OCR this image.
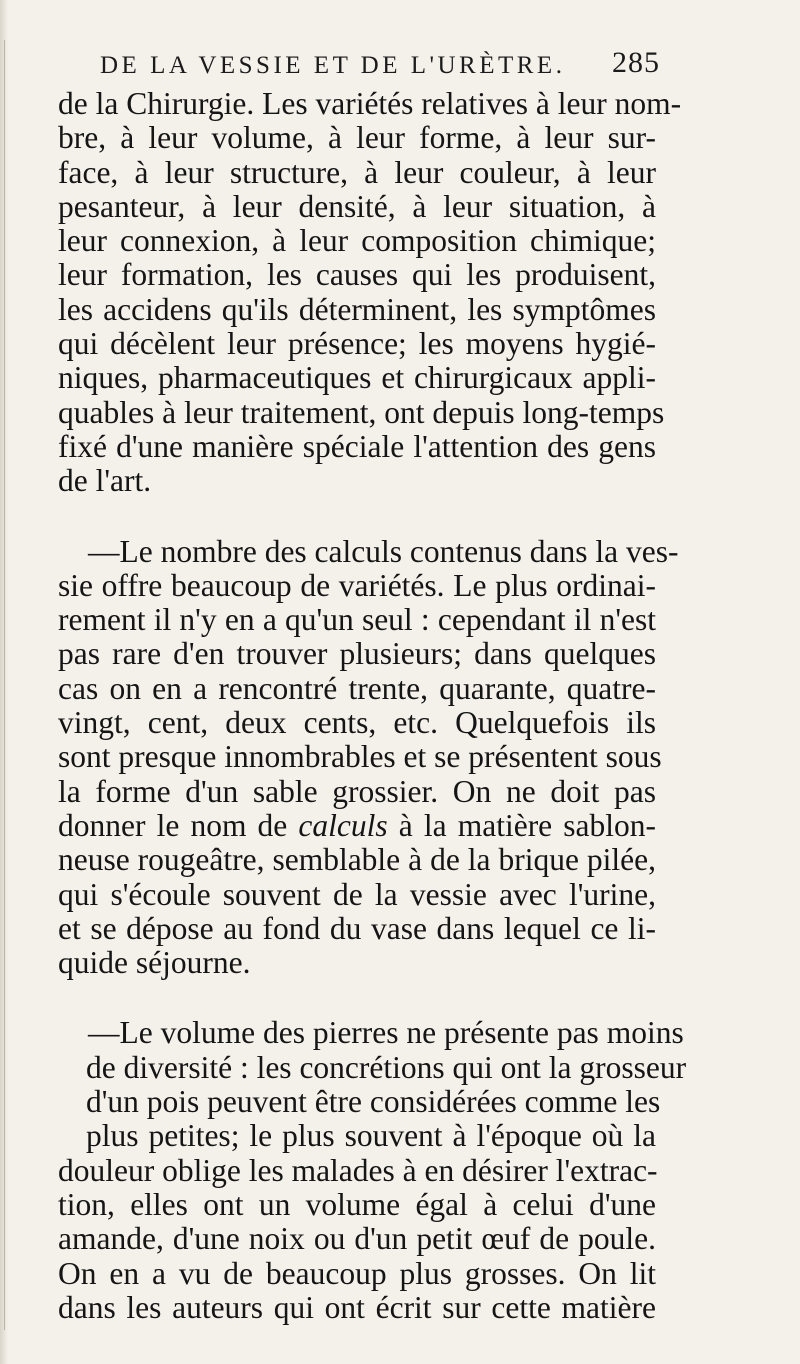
DE LA VESSIE ET DE L'URÈTRE. 285
de la Chirurgie. Les variétés relatives à leur nom-
bre, à leur volume, à leur forme, à leur sur-
face, à leur structure, à leur couleur, à leur
pesanteur, à leur densité, à leur situation, à
leur connexion, à leur composition chimique;
leur formation, les causes qui les produisent,
les accidens qu'ils déterminent, les symptômes
qui décèlent leur présence; les moyens hygié-
niques, pharmaceutiques et chirurgicaux appli-
quables à leur traitement, ont depuis long-temps
fixé d'une manière spéciale l'attention des gens
de l'art.
—Le nombre des calculs contenus dans la ves-
sie offre beaucoup de variétés. Le plus ordinai-
rement il n'y en a qu'un seul : cependant il n'est
pas rare d'en trouver plusieurs; dans quelques
cas on en a rencontré trente, quarante, quatre-
vingt, cent, deux cents, etc. Quelquefois ils
sont presque innombrables et se présentent sous
la forme d'un sable grossier. On ne doit pas
donner le nom de calculs à la matière sablon-
neuse rougeâtre, semblable à de la brique pilée,
qui s'écoule souvent de la vessie avec l'urine,
et se dépose au fond du vase dans lequel ce li-
quide séjourne.
—Le volume des pierres ne présente pas moins
de diversité : les concrétions qui ont la grosseur
d'un pois peuvent être considérées comme les
plus petites; le plus souvent à l'époque où la
douleur oblige les malades à en désirer l'extrac-
tion, elles ont un volume égal à celui d'une
amande, d'une noix ou d'un petit œuf de poule.
On en a vu de beaucoup plus grosses. On lit
dans les auteurs qui ont écrit sur cette matière
